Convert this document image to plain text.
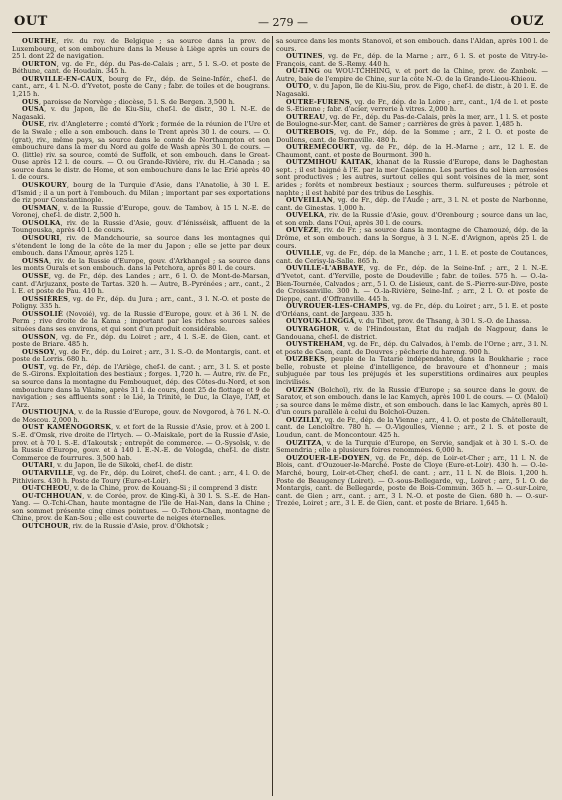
OUT	— 279 —	OUZ

OURTHE, riv. du roy. de Belgique ; sa source dans la prov. de Luxembourg, et son embouchure dans la Meuse à Liège après un cours de 25 l. dont 22 de navigation.

OURTON, vg. de Fr., dép. du Pas-de-Calais ; arr., 5 l. S.-O. et poste de Béthune, cant. de Houdain. 345 h.

OURVILLE-EN-CAUX, bourg de Fr., dép. de Seine-Infér., chef-l. de cant., arr., 4 l. N.-O. d'Yvetot, poste de Cany ; fabr. de toiles et de bougrans. 1,215 h.

OUS, paroisse de Norvège ; diocèse, 5 l. S. de Bergen. 3,500 h.

OUSA, v. du Japon, île de Kiu-Siu, chef-l. de distr., 30 l. N.-E. de Nagasaki.

OUSE, riv. d'Angleterre ; comté d'York ; formée de la réunion de l'Ure et de la Swale ; elle a son embouch. dans le Trent après 30 l. de cours. — O. (grat), riv., même pays, sa source dans le comté de Northampton et son embouchure dans la mer du Nord au golfe de Wash après 30 l. de cours. — O. (little) riv. sa source, comté de Suffolk, et son embouch. dans le Great-Ouse après 12 l. de cours. — O. ou Grande-Rivière, riv. du H.-Canada ; sa source dans le distr. de Home, et son embouchure dans le lac Erié après 40 l. de cours.

OUSKOURY, bourg de la Turquie d'Asie, dans l'Anatolie, à 30 l. E. d'Ismid ; il a un port à l'embouch. du Milan ; important par ses exportations de riz pour Constantinople.

OUSMAN, v. de la Russie d'Europe, gouv. de Tambov, à 15 l. N.-E. de Voronej, chef-l. de distr. 2,500 h.

OUSOLKA, riv. de la Russie d'Asie, gouv. d'Iénisséisk, affluent de la Toungouska, après 40 l. de cours.

OUSOURI, riv. de Mandchourie, sa source dans les montagnes qui s'étendent le long de la côte de la mer du Japon ; elle se jette par deux embouch. dans l'Amour, après 125 l.

OUSSA, riv. de la Russie d'Europe, gouv. d'Arkhangel ; sa source dans les monts Ourals et son embouch. dans la Petchora, après 80 l. de cours.

OUSSE, vg. de Fr., dép. des Landes ; arr., 6 l. O. de Mont-de-Marsan, cant. d'Arjuzanx, poste de Tartas. 320 h. — Autre, B.-Pyrénées ; arr., cant., 2 l. E. et poste de Pau. 410 h.

OUSSIÈRES, vg. de Fr., dép. du Jura ; arr., cant., 3 l. N.-O. et poste de Poligny. 335 h.

OUSSOLIÉ (Novoié), vg. de la Russie d'Europe, gouv. et à 36 l. N. de Perm ; rive droite de la Kama ; important par les riches sources salées situées dans ses environs, et qui sont d'un produit considérable.

OUSSON, vg. de Fr., dép. du Loiret ; arr., 4 l. S.-E. de Gien, cant. et poste de Briare. 485 h.

OUSSOY, vg. de Fr., dép. du Loiret ; arr., 3 l. S.-O. de Montargis, cant. et poste de Lorris. 680 h.

OUST, vg. de Fr., dép. de l'Ariège, chef-l. de cant. ; arr., 3 l. S. et poste de S.-Girons. Exploitation des bestiaux ; forges. 1,720 h. — Autre, riv. de Fr., sa source dans la montagne du Fembouquet, dép. des Côtes-du-Nord, et son embouchure dans la Vilaine, après 31 l. de cours, dont 25 de flottage et 9 de navigation ; ses affluents sont : le Lié, la Trinité, le Duc, la Claye, l'Aff, et l'Arz.

OUSTIOUJNA, v. de la Russie d'Europe, gouv. de Novgorod, à 76 l. N.-O. de Moscou. 2,000 h.

OUST KAMÉNOGORSK, v. et fort de la Russie d'Asie, prov. et à 200 l. S.-E. d'Omsk, rive droite de l'Irtych. — O.-Maiskaïe, port de la Russie d'Asie, prov. et à 70 l. S.-E. d'Iakoutsk ; entrepôt de commerce. — O.-Sysolsk, v. de la Russie d'Europe, gouv. et à 140 l. E.-N.-E. de Vologda, chef-l. de distr. Commerce de fourrures. 3,500 hab.

OUTARI, v. du Japon, île de Sikoki, chef-l. de distr.

OUTARVILLE, vg. de Fr., dép. du Loiret, chef-l. de cant. ; arr., 4 l. O. de Pithiviers. 430 h. Poste de Toury (Eure-et-Loir).

OU-TCHEOU, v. de la Chine, prov. de Kouang-Si ; il comprend 3 distr.

OU-TCHHOUAN, v. de Corée, prov. de King-Ki, à 30 l. S. S.-E. de Han-Yang. — O.-Tchi-Chan, haute montagne de l'île de Hai-Nan, dans la Chine ; son sommet présente cinq cimes pointues. — O.-Tchou-Chan, montagne de Chine, prov. de Kan-Sou ; elle est couverte de neiges éternelles.

OUTCHOUR, riv. de la Russie d'Asie, prov. d'Okhotsk ;

sa source dans les monts Stanovoï, et son embouch. dans l'Aldan, après 100 l. de cours.

OUTINES, vg. de Fr., dép. de la Marne ; arr., 6 l. S. et poste de Vitry-le-François, cant. de S.-Remy. 440 h.

OU-TING ou WOU-TCHHING, v. et port de la Chine, prov. de Zanbok. — Autre, baie de l'empire de Chine, sur la côte N.-O. de la Grande-Lieou-Khieou.

OUTO, v. du Japon, île de Kiu-Siu, prov. de Figo, chef-l. de distr., à 20 l. E. de Nagasaki.

OUTRE-FURENS, vg. de Fr., dép. de la Loire ; arr., cant., 1/4 de l. et poste de S.-Etienne ; fabr. d'acier, verrerie à vitres. 2,000 h.

OUTREAU, vg. de Fr., dép. du Pas-de-Calais, près la mer, arr., 1 l. S. et poste de Boulogne-sur-Mer, cant. de Samer ; carrières de grès à paver. 1,485 h.

OUTREBOIS, vg. de Fr., dép. de la Somme ; arr., 2 l. O. et poste de Doullens, cant. de Bernaville. 480 h.

OUTREMÉCOURT, vg. de Fr., dép. de la H.-Marne ; arr., 12 l. E. de Chaumont, cant. et poste de Bourmont. 390 h.

OUTZMIHOU KAITAK, khanat de la Russie d'Europe, dans le Daghestan sept. ; il est baigné à l'E. par la mer Caspienne. Les parties du sol bien arrosées sont productives ; les autres, surtout celles qui sont voisines de la mer, sont arides ; forêts et nombreux bestiaux ; sources therm. sulfureuses ; pétrole et naphte ; il est habité par des tribus de Lesghis.

OUVEILLAN, vg. de Fr., dép. de l'Aude ; arr., 3 l. N. et poste de Narbonne, cant. de Ginestas. 1,000 h.

OUVELKA, riv. de la Russie d'Asie, gouv. d'Orenbourg ; source dans un lac, et son emb. dans l'Oui, après 30 l. de cours.

OUVÈZE, riv. de Fr. ; sa source dans la montagne de Chamouzé, dép. de la Drôme, et son embouch. dans la Sorgue, à 3 l. N.-E. d'Avignon, après 25 l. de cours.

OUVILLE, vg. de Fr., dép. de la Manche ; arr., 1 l. E. et poste de Coutances, cant. de Cerisy-la-Salle. 865 h.

OUVILLE-L'ABBAYE, vg. de Fr., dép. de la Seine-Inf. ; arr., 2 l. N.-E. d'Yvetot, cant. d'Yerville, poste de Doudeville ; fabr. de toiles. 575 h. — O.-la-Bien-Tournée, Calvados ; arr., 5 l. O. de Lisieux, cant. de S.-Pierre-sur-Dive, poste de Croissanville. 300 h. — O.-la-Rivière, Seine-Inf. ; arr., 2 l. O. et poste de Dieppe, cant. d'Offranville. 445 h.

OUVROUER-LES-CHAMPS, vg. de Fr., dép. du Loiret ; arr., 5 l. E. et poste d'Orléans, cant. de Jargeau. 335 h.

OUYOUK-LINGGA, v. du Tibet, prov. de Thsang, à 30 l. S.-O. de Lhassa.

OUYRAGHOR, v. de l'Hindoustan, État du radjah de Nagpour, dans le Gandouana, chef-l. de district.

OUYSTREHAM, vg. de Fr., dép. du Calvados, à l'emb. de l'Orne ; arr., 3 l. N. et poste de Caen, cant. de Douvres ; pêcherie du hareng. 900 h.

OUZBEKS, peuple de la Tatarie indépendante, dans la Boukharie ; race belle, robuste et pleine d'intelligence, de bravoure et d'honneur ; mais subjuguée par tous les préjugés et les superstitions ordinaires aux peuples incivilisés.

OUZEN (Bolchoï), riv. de la Russie d'Europe ; sa source dans le gouv. de Saratov, et son embouch. dans le lac Kamych, après 100 l. de cours. — O. (Maloï) ; sa source dans le même distr., et son embouch. dans le lac Kamych, après 80 l. d'un cours parallèle à celui du Bolchoï-Ouzen.

OUZILLY, vg. de Fr., dép. de la Vienne ; arr., 4 l. O. et poste de Châtellerault, cant. de Lencloître. 780 h. — O.-Vigoulles, Vienne ; arr., 2 l. S. et poste de Loudun, cant. de Moncontour. 425 h.

OUZITZA, v. de la Turquie d'Europe, en Servie, sandjak et à 30 l. S.-O. de Semendria ; elle a plusieurs foires renommées. 6,000 h.

OUZOUER-LE-DOYEN, vg. de Fr., dép. de Loir-et-Cher ; arr., 11 l. N. de Blois, cant. d'Ouzouer-le-Marché. Poste de Cloye (Eure-et-Loir). 430 h. — O.-le-Marché, bourg, Loir-et-Cher, chef-l. de cant. ; arr., 11 l. N. de Blois. 1,200 h. Poste de Beaugency (Loiret). — O.-sous-Bellegarde, vg., Loiret ; arr., 5 l. O. de Montargis, cant. de Bellegarde, poste de Bois-Commun. 365 h. — O.-sur-Loire, cant. de Gien ; arr., cant. ; arr., 3 l. N.-O. et poste de Gien. 680 h. — O.-sur-Trezée, Loiret ; arr., 3 l. E. de Gien, cant. et poste de Briare. 1,645 h.
